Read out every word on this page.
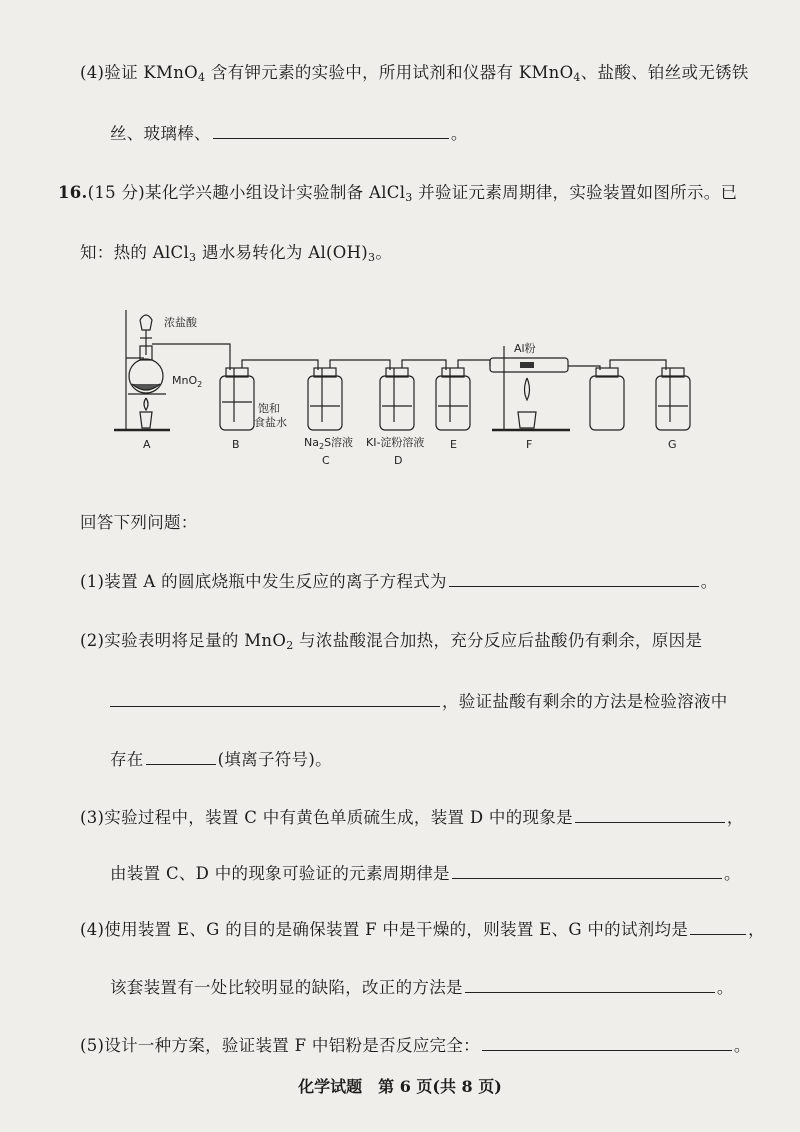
(4)验证 KMnO$_4$ 含有钾元素的实验中，所用试剂和仪器有 KMnO$_4$、盐酸、铂丝或无锈铁
丝、玻璃棒、	。
16.(15 分)某化学兴趣小组设计实验制备 AlCl$_3$ 并验证元素周期律，实验装置如图所示。已
知：热的 AlCl$_3$ 遇水易转化为 $Al(OH)_3$。
浓盐酸
MnO$_2$
饱和
食盐水
Al粉
$Na_2S$溶液 KI-淀粉溶液
A	B
C	D
E	F	G
回答下列问题：
(1)装置 A 的圆底烧瓶中发生反应的离子方程式为	。
(2)实验表明将足量的 MnO$_2$ 与浓盐酸混合加热，充分反应后盐酸仍有剩余，原因是
，验证盐酸有剩余的方法是检验溶液中
存在	(填离子符号)。
(3)实验过程中，装置 C 中有黄色单质硫生成，装置 D 中的现象是	，
由装置 C、D 中的现象可验证的元素周期律是	。
(4)使用装置 E、G 的目的是确保装置 F 中是干燥的，则装置 E、G 中的试剂均是	，
该套装置有一处比较明显的缺陷，改正的方法是	。
(5)设计一种方案，验证装置 F 中铝粉是否反应完全：	。
化学试题　第 6 页(共 8 页)
